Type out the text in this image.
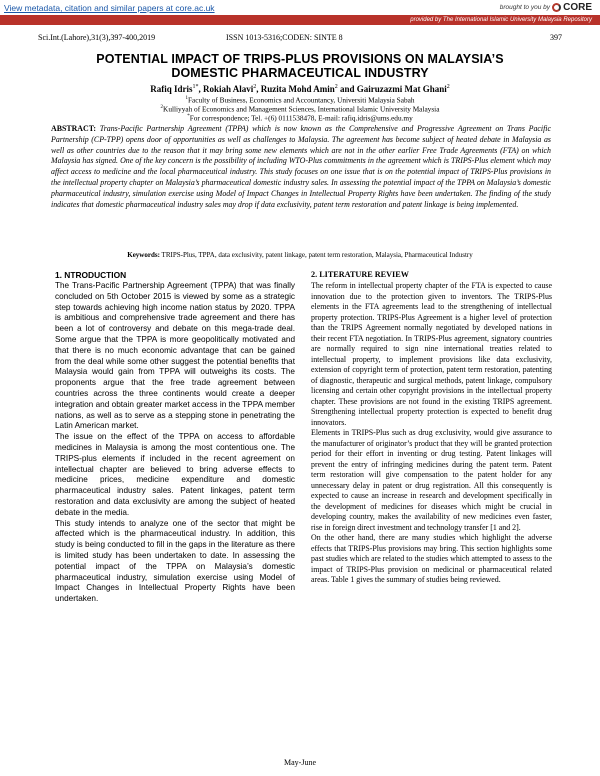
View metadata, citation and similar papers at core.ac.uk	brought to you by	CORE
provided by The International Islamic University Malaysia Repository
Sci.Int.(Lahore),31(3),397-400,2019	ISSN 1013-5316;CODEN: SINTE 8	397
POTENTIAL IMPACT OF TRIPS-PLUS PROVISIONS ON MALAYSIA’S
DOMESTIC PHARMACEUTICAL INDUSTRY
Rafiq Idris$^{1*}$, Rokiah Alavi$^2$, Ruzita Mohd Amin$^2$ and Gairuzazmi Mat Ghani$^2$
$^1$Faculty of Business, Economics and Accountancy, Universiti Malaysia Sabah
$^2$Kulliyyah of Economics and Management Sciences, International Islamic University Malaysia
*For correspondence; Tel. +(6) 0111538478, E-mail: rafiq.idris@ums.edu.my
ABSTRACT: Trans-Pacific Partnership Agreement (TPPA) which is now known as the Comprehensive and Progressive Agreement on Trans Pacific Partnership (CP-TPP) opens door of opportunities as well as challenges to Malaysia. The agreement has become subject of heated debate in Malaysia as well as other countries due to the reason that it may bring some new elements which are not in the other earlier Free Trade Agreements (FTA) on which Malaysia has signed. One of the key concern is the possibility of including WTO-Plus commitments in the agreement which is TRIPS-Plus element which may affect access to medicine and the local pharmaceutical industry. This study focuses on one issue that is on the potential impact of TRIPS-Plus provisions in the intellectual property chapter on Malaysia’s pharmaceutical domestic industry sales. In assessing the potential impact of the TPPA on Malaysia’s domestic pharmaceutical industry, simulation exercise using Model of Impact Changes in Intellectual Property Rights have been undertaken. The finding of the study indicates that domestic pharmaceutical industry sales may drop if data exclusivity, patent term restoration and patent linkage is being implemented.
Keywords: TRIPS-Plus, TPPA, data exclusivity, patent linkage, patent term restoration, Malaysia, Pharmaceutical Industry
1. NTRODUCTION

The Trans-Pacific Partnership Agreement (TPPA) that was finally concluded on 5th October 2015 is viewed by some as a strategic step towards achieving high income nation status by 2020. TPPA is ambitious and comprehensive trade agreement and there has been a lot of controversy and debate on this mega-trade deal. Some argue that the TPPA is more geopolitically motivated and that there is no much economic advantage that can be gained from the deal while some other suggest the potential benefits that Malaysia would gain from TPPA will outweighs its costs. The proponents argue that the free trade agreement between countries across the three continents would create a deeper integration and obtain greater market access in the TPPA member nations, as well as to serve as a stepping stone in penetrating the Latin American market.

The issue on the effect of the TPPA on access to affordable medicines in Malaysia is among the most contentious one. The TRIPS-plus elements if included in the recent agreement on intellectual chapter are believed to bring adverse effects to medicine prices, medicine expenditure and domestic pharmaceutical industry sales. Patent linkages, patent term restoration and data exclusivity are among the subject of heated debate in the media.

This study intends to analyze one of the sector that might be affected which is the pharmaceutical industry. In addition, this study is being conducted to fill in the gaps in the literature as there is limited study has been undertaken to date. In assessing the potential impact of the TPPA on Malaysia’s domestic pharmaceutical industry, simulation exercise using Model of Impact Changes in Intellectual Property Rights have been undertaken.

2. LITERATURE REVIEW

The reform in intellectual property chapter of the FTA is expected to cause innovation due to the protection given to inventors. The TRIPS-Plus elements in the FTA agreements lead to the strengthening of intellectual property protection. TRIPS-Plus Agreement is a higher level of protection than the TRIPS Agreement normally negotiated by developed nations in their recent FTA negotiation. In TRIPS-Plus agreement, signatory countries are normally required to sign nine international treaties related to intellectual property, to implement provisions like data exclusivity, extension of copyright term of protection, patent term restoration, patenting of diagnostic, therapeutic and surgical methods, patent linkage, compulsory licensing and certain other copyright provisions in the intellectual property chapter. These provisions are not found in the existing TRIPS agreement. Strengthening intellectual property protection is expected to benefit drug innovators.

Elements in TRIPS-Plus such as drug exclusivity, would give assurance to the manufacturer of originator’s product that they will be granted protection period for their effort in inventing or drug testing. Patent linkages will prevent the entry of infringing medicines during the patent term. Patent term restoration will give compensation to the patent holder for any unnecessary delay in patent or drug registration. All this consequently is expected to cause an increase in research and development specifically in the development of medicines for diseases which might be crucial in developing country, makes the availability of new medicines even faster, rise in foreign direct investment and technology transfer [1 and 2].

On the other hand, there are many studies which highlight the adverse effects that TRIPS-Plus provisions may bring. This section highlights some past studies which are related to the studies which attempted to assess to the impact of TRIPS-Plus provision on medicinal or pharmaceutical related areas. Table 1 gives the summary of studies being reviewed.

May-June
